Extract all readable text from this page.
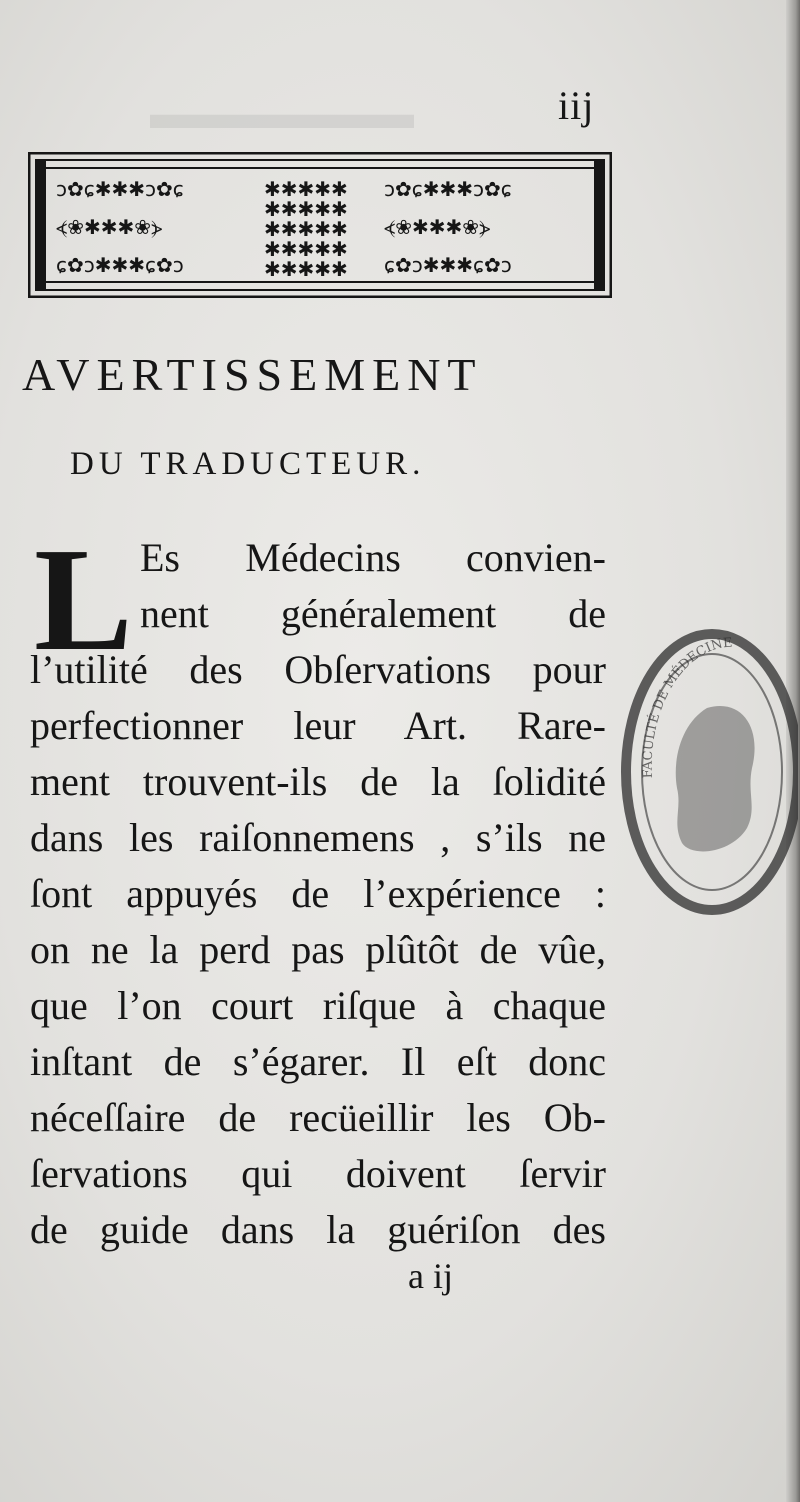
▬▬▬▬▬▬	iij
ↄ✿ɕ✱✱✱ↄ✿ɕ
⦓❀✱✱✱❀⦔
ɕ✿ↄ✱✱✱ɕ✿ↄ
✱✱✱✱✱
✱✱✱✱✱
✱✱✱✱✱
✱✱✱✱✱
✱✱✱✱✱
ↄ✿ɕ✱✱✱ↄ✿ɕ
⦓❀✱✱✱❀⦔
ɕ✿ↄ✱✱✱ɕ✿ↄ
AVERTISSEMENT
DU TRADUCTEUR.
L Es Médecins convien-
nent généralement de
l’utilité des Obſervations pour
perfectionner leur Art. Rare-
ment trouvent-ils de la ſolidité
dans les raiſonnemens , s’ils ne
ſont appuyés de l’expérience :
on ne la perd pas plûtôt de vûe,
que l’on court riſque à chaque
inſtant de s’égarer. Il eſt donc
néceſſaire de recüeillir les Ob-
ſervations qui doivent ſervir
de guide dans la guériſon des
a ij
FACULTÉ DE MÉDECINE
